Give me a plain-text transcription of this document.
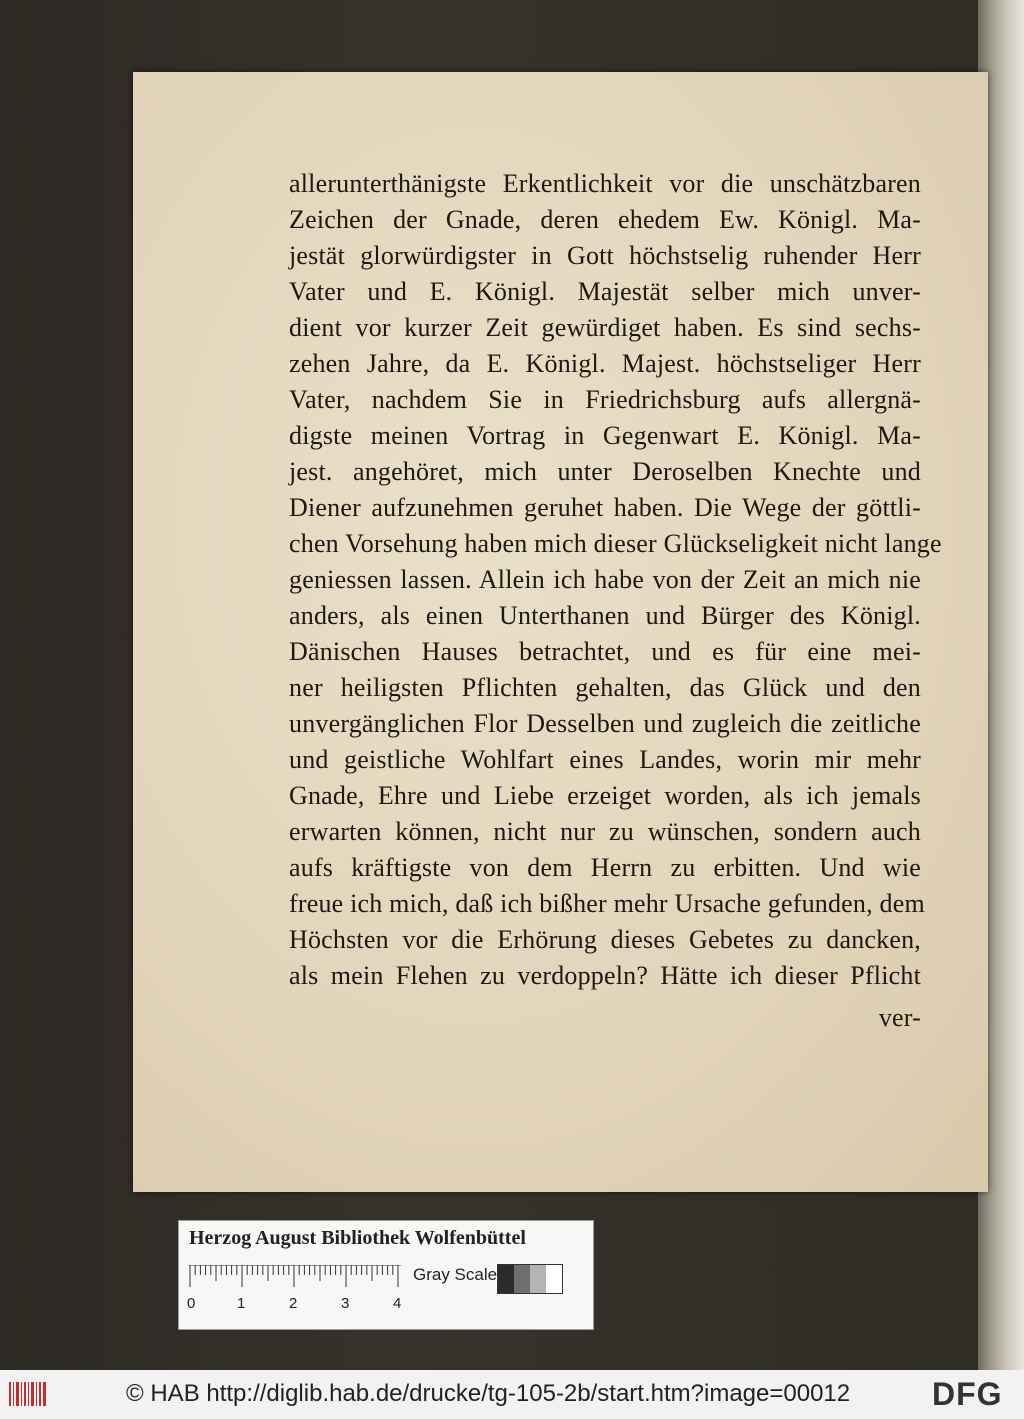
allerunterthänigste Erkentlichkeit vor die unschätzbaren
Zeichen der Gnade, deren ehedem Ew. Königl. Ma-
jestät glorwürdigster in Gott höchstselig ruhender Herr
Vater und E. Königl. Majestät selber mich unver-
dient vor kurzer Zeit gewürdiget haben. Es sind sechs-
zehen Jahre, da E. Königl. Majest. höchstseliger Herr
Vater, nachdem Sie in Friedrichsburg aufs allergnä-
digste meinen Vortrag in Gegenwart E. Königl. Ma-
jest. angehöret, mich unter Deroselben Knechte und
Diener aufzunehmen geruhet haben. Die Wege der göttli-
chen Vorsehung haben mich dieser Glückseligkeit nicht lange
geniessen lassen. Allein ich habe von der Zeit an mich nie
anders, als einen Unterthanen und Bürger des Königl.
Dänischen Hauses betrachtet, und es für eine mei-
ner heiligsten Pflichten gehalten, das Glück und den
unvergänglichen Flor Desselben und zugleich die zeitliche
und geistliche Wohlfart eines Landes, worin mir mehr
Gnade, Ehre und Liebe erzeiget worden, als ich jemals
erwarten können, nicht nur zu wünschen, sondern auch
aufs kräftigste von dem Herrn zu erbitten. Und wie
freue ich mich, daß ich bißher mehr Ursache gefunden, dem
Höchsten vor die Erhörung dieses Gebetes zu dancken,
als mein Flehen zu verdoppeln? Hätte ich dieser Pflicht
ver-
Herzog August Bibliothek Wolfenbüttel
0	1	2	3	4
Gray Scale
© HAB http://diglib.hab.de/drucke/tg-105-2b/start.htm?image=00012	DFG
